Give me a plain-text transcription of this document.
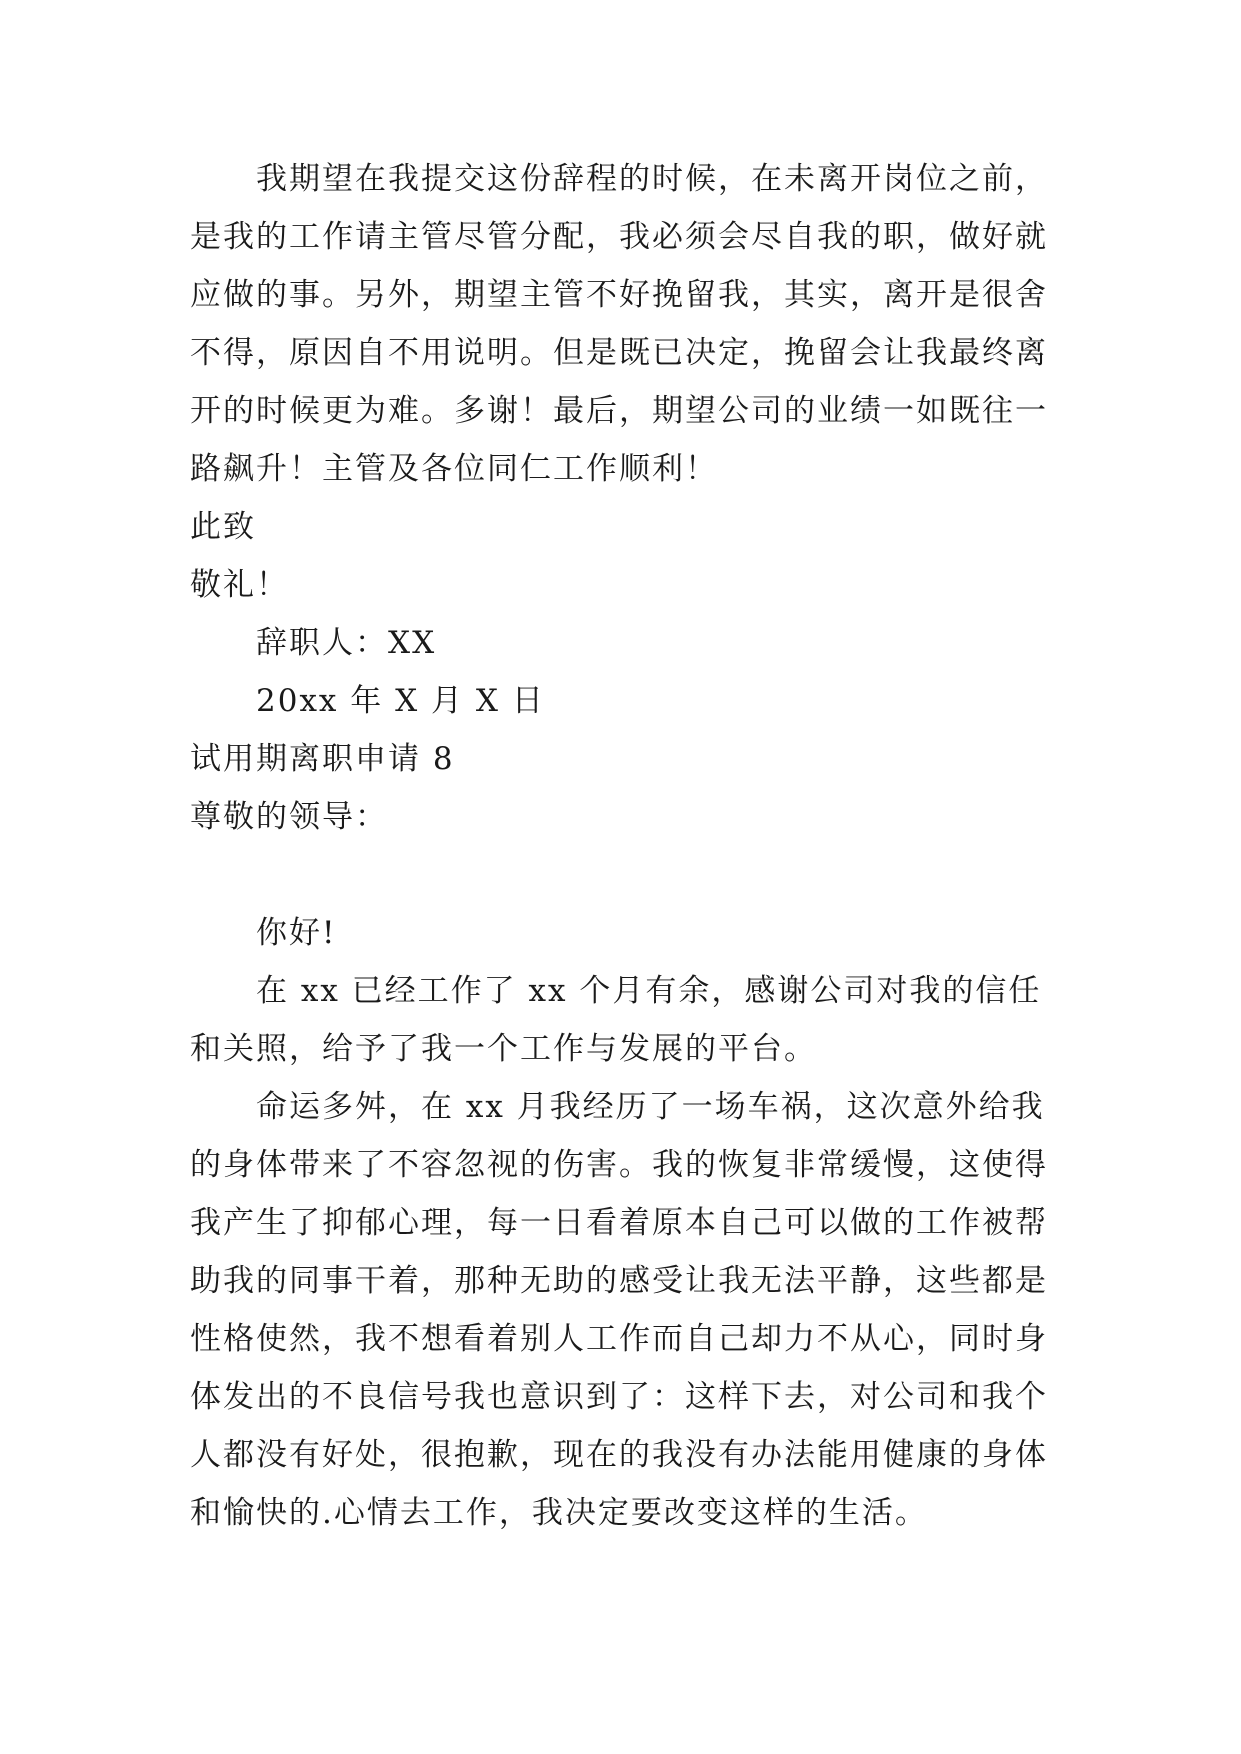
我期望在我提交这份辞程的时候，在未离开岗位之前，是我的工作请主管尽管分配，我必须会尽自我的职，做好就应做的事。另外，期望主管不好挽留我，其实，离开是很舍不得，原因自不用说明。但是既已决定，挽留会让我最终离开的时候更为难。多谢！最后，期望公司的业绩一如既往一路飙升！主管及各位同仁工作顺利！

此致

敬礼！

辞职人：XX

20xx 年 X 月 X 日

试用期离职申请 8

尊敬的领导：

你好!

在 xx 已经工作了 xx 个月有余，感谢公司对我的信任和关照，给予了我一个工作与发展的平台。

命运多舛，在 xx 月我经历了一场车祸，这次意外给我的身体带来了不容忽视的伤害。我的恢复非常缓慢，这使得我产生了抑郁心理，每一日看着原本自己可以做的工作被帮助我的同事干着，那种无助的感受让我无法平静，这些都是性格使然，我不想看着别人工作而自己却力不从心，同时身体发出的不良信号我也意识到了：这样下去，对公司和我个人都没有好处，很抱歉，现在的我没有办法能用健康的身体和愉快的.心情去工作，我决定要改变这样的生活。
